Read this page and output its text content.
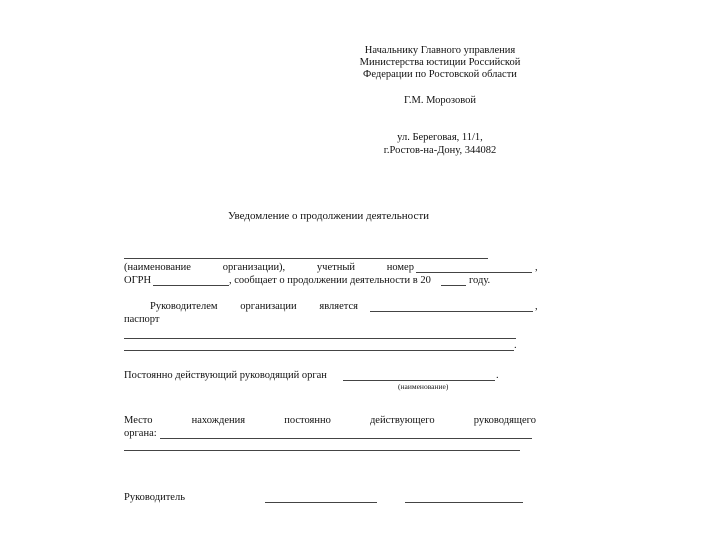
Начальнику Главного управления
Министерства юстиции Российской
Федерации по Ростовской области
Г.М. Морозовой
ул. Береговая, 11/1,
г.Ростов-на-Дону, 344082
Уведомление о продолжении деятельности
(наименование	организации),	учетный	номер	,
ОГРН	, сообщает о продолжении деятельности в 20	году.
Руководителем организации является	,
паспорт
.
Постоянно действующий руководящий орган	.
(наименование)
Место	нахождения	постоянно	действующего	руководящего
органа:
Руководитель
